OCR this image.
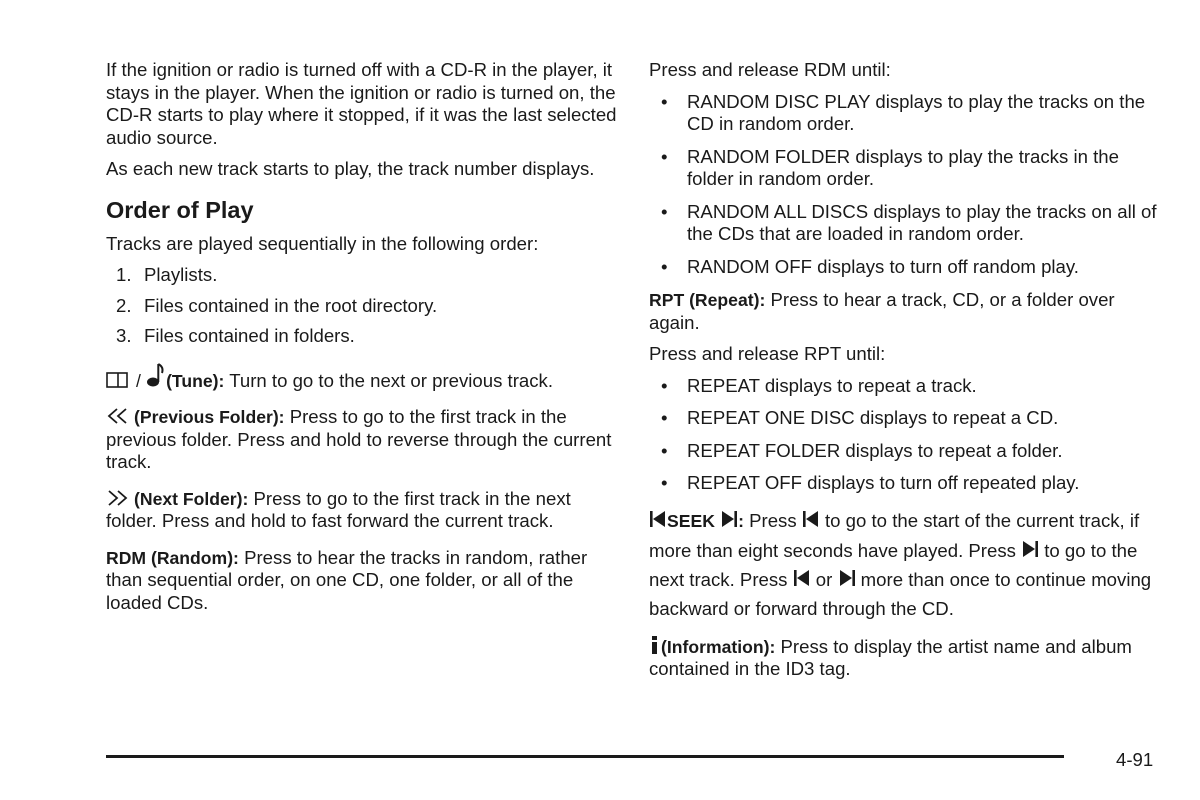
If the ignition or radio is turned off with a CD-R in the player, it stays in the player. When the ignition or radio is turned on, the CD-R starts to play where it stopped, if it was the last selected audio source.

As each new track starts to play, the track number displays.

Order of Play

Tracks are played sequentially in the following order:

1. Playlists.
2. Files contained in the root directory.
3. Files contained in folders.

/ (Tune): Turn to go to the next or previous track.

(Previous Folder): Press to go to the first track in the previous folder. Press and hold to reverse through the current track.

(Next Folder): Press to go to the first track in the next folder. Press and hold to fast forward the current track.

RDM (Random): Press to hear the tracks in random, rather than sequential order, on one CD, one folder, or all of the loaded CDs.

Press and release RDM until:

• RANDOM DISC PLAY displays to play the tracks on the CD in random order.
• RANDOM FOLDER displays to play the tracks in the folder in random order.
• RANDOM ALL DISCS displays to play the tracks on all of the CDs that are loaded in random order.
• RANDOM OFF displays to turn off random play.

RPT (Repeat): Press to hear a track, CD, or a folder over again.

Press and release RPT until:

• REPEAT displays to repeat a track.
• REPEAT ONE DISC displays to repeat a CD.
• REPEAT FOLDER displays to repeat a folder.
• REPEAT OFF displays to turn off repeated play.

SEEK : Press  to go to the start of the current track, if more than eight seconds have played. Press  to go to the next track. Press  or  more than once to continue moving backward or forward through the CD.

(Information): Press to display the artist name and album contained in the ID3 tag.

4-91
